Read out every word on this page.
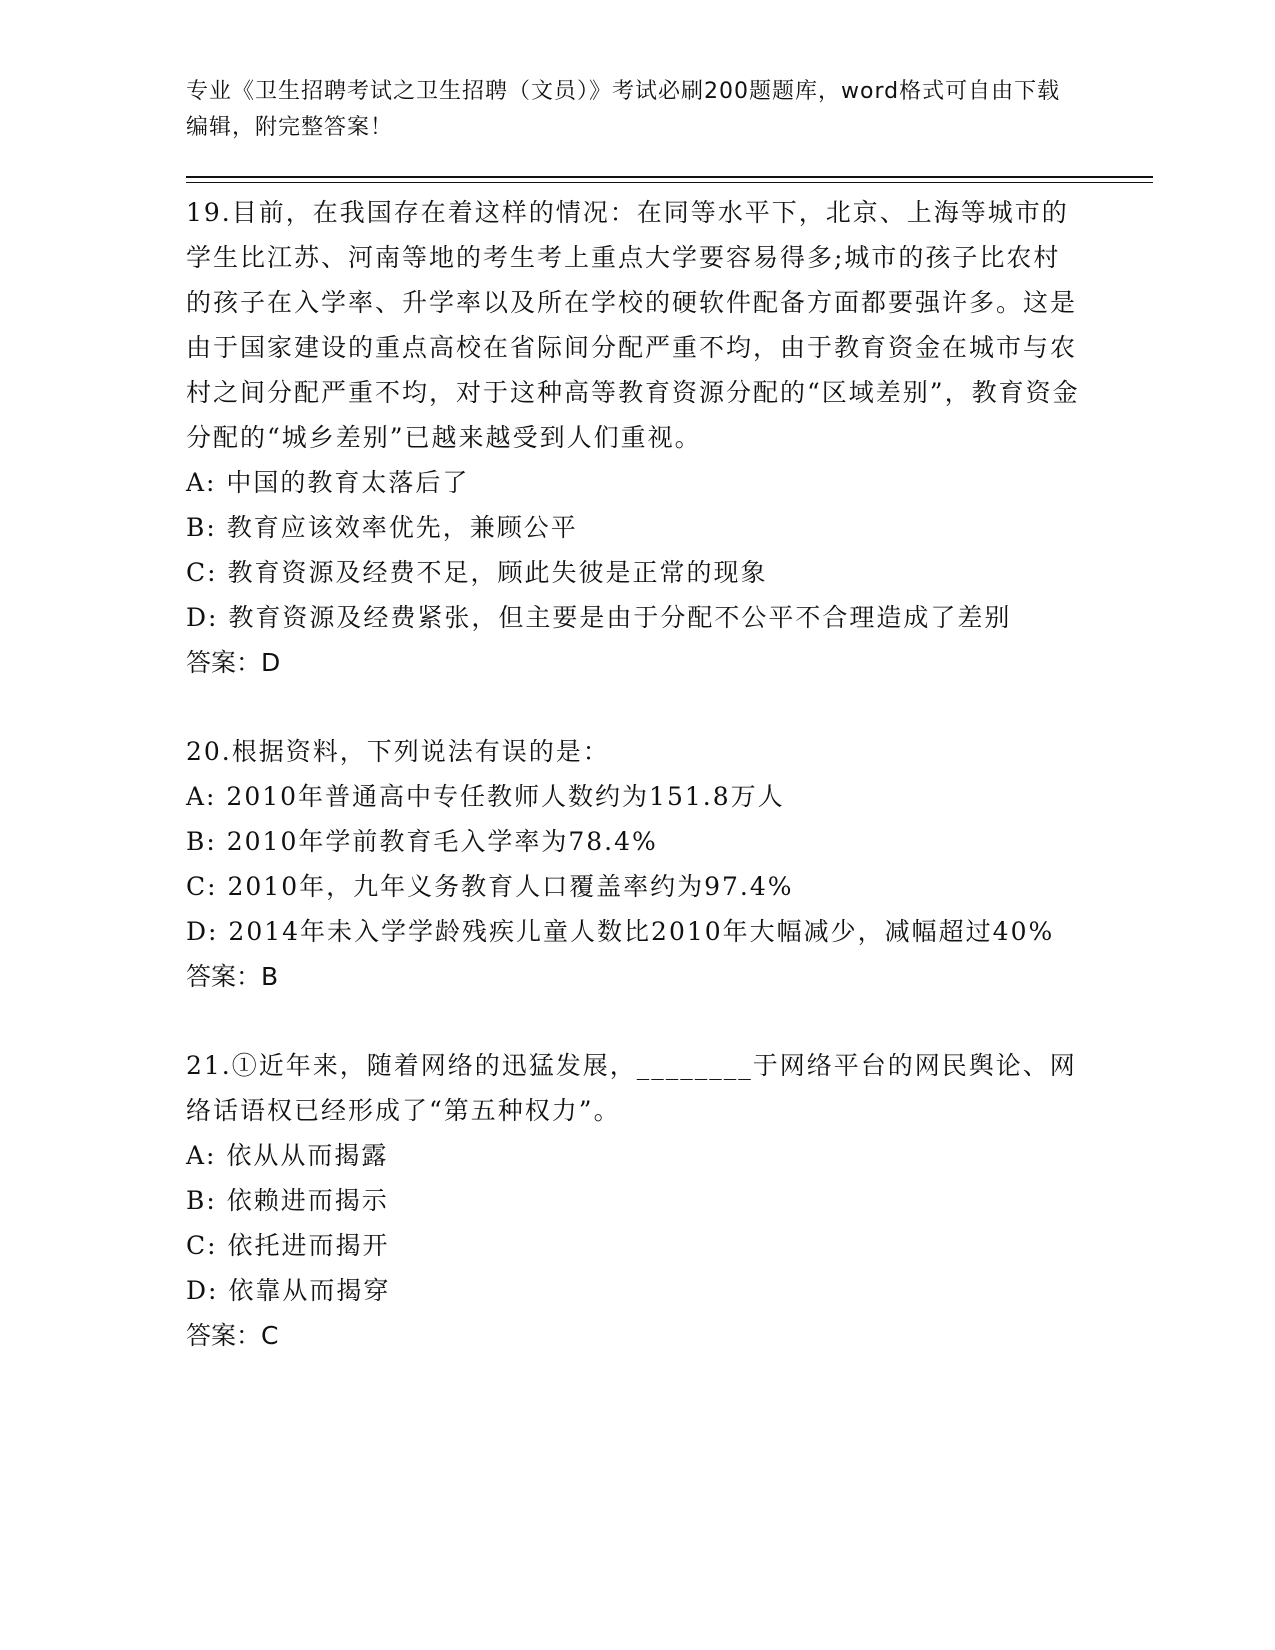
专业《卫生招聘考试之卫生招聘（文员）》考试必刷200题题库，word格式可自由下载编辑，附完整答案！

19.目前，在我国存在着这样的情况：在同等水平下，北京、上海等城市的学生比江苏、河南等地的考生考上重点大学要容易得多;城市的孩子比农村的孩子在入学率、升学率以及所在学校的硬软件配备方面都要强许多。这是由于国家建设的重点高校在省际间分配严重不均，由于教育资金在城市与农村之间分配严重不均，对于这种高等教育资源分配的“区域差别”，教育资金分配的“城乡差别”已越来越受到人们重视。

A: 中国的教育太落后了

B: 教育应该效率优先，兼顾公平

C: 教育资源及经费不足，顾此失彼是正常的现象

D: 教育资源及经费紧张，但主要是由于分配不公平不合理造成了差别

答案：D

20.根据资料，下列说法有误的是：

A: 2010年普通高中专任教师人数约为151.8万人

B: 2010年学前教育毛入学率为78.4%

C: 2010年，九年义务教育人口覆盖率约为97.4%

D: 2014年未入学学龄残疾儿童人数比2010年大幅减少，减幅超过40%

答案：B

21.①近年来，随着网络的迅猛发展，________于网络平台的网民舆论、网络话语权已经形成了“第五种权力”。

A: 依从从而揭露

B: 依赖进而揭示

C: 依托进而揭开

D: 依靠从而揭穿

答案：C
